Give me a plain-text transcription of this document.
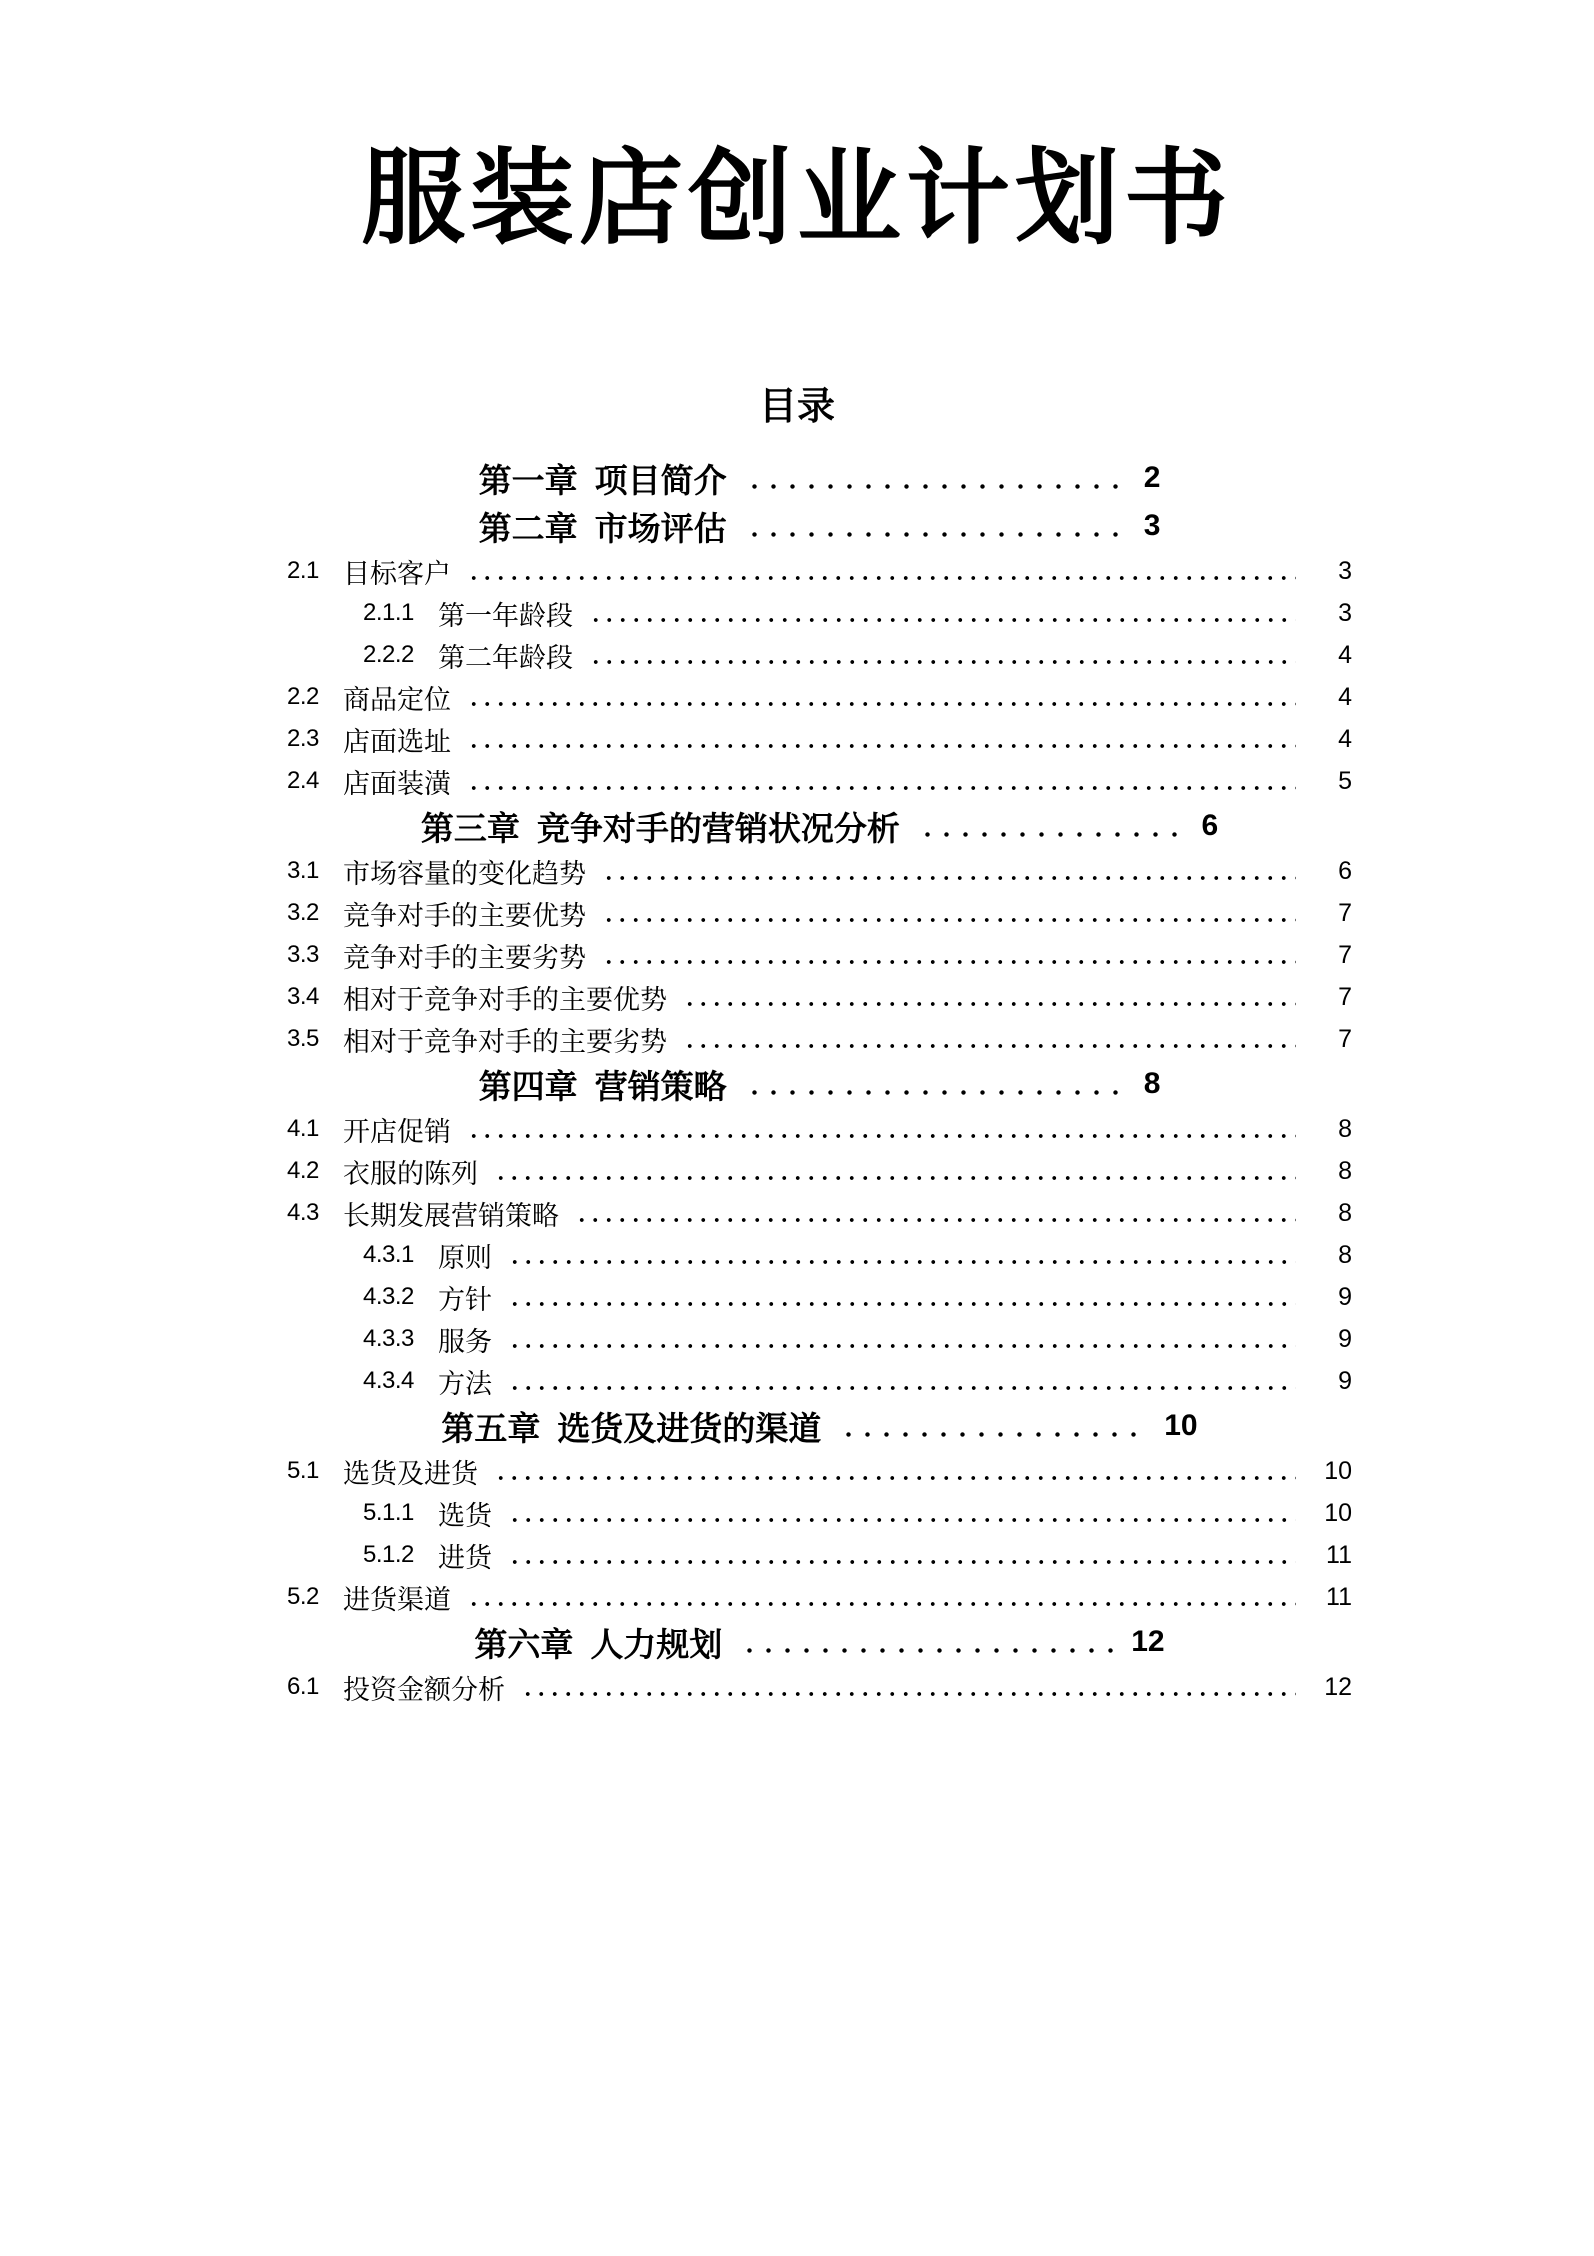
服装店创业计划书
目录
第一章 项目简介	2
第二章 市场评估	3
2.1 目标客户	3
2.1.1 第一年龄段	3
2.2.2 第二年龄段	4
2.2 商品定位	4
2.3 店面选址	4
2.4 店面装潢	5
第三章 竞争对手的营销状况分析	6
3.1 市场容量的变化趋势	6
3.2 竞争对手的主要优势	7
3.3 竞争对手的主要劣势	7
3.4 相对于竞争对手的主要优势	7
3.5 相对于竞争对手的主要劣势	7
第四章 营销策略	8
4.1 开店促销	8
4.2 衣服的陈列	8
4.3 长期发展营销策略	8
4.3.1 原则	8
4.3.2 方针	9
4.3.3 服务	9
4.3.4 方法	9
第五章 选货及进货的渠道	10
5.1 选货及进货	10
5.1.1 选货	10
5.1.2 进货	11
5.2 进货渠道	11
第六章 人力规划	12
6.1 投资金额分析	12
